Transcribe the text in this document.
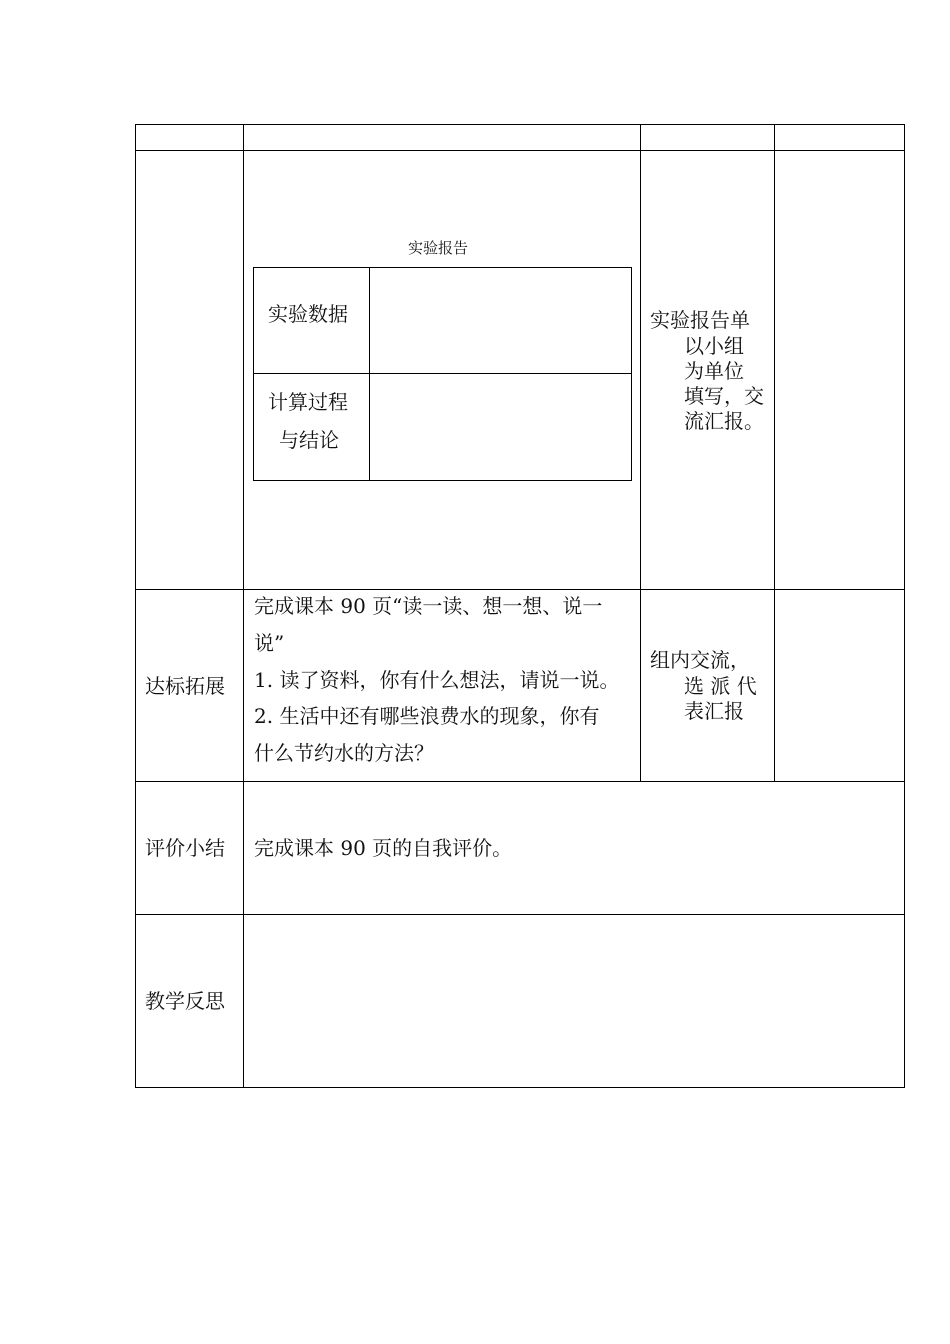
实验报告
实验数据
计算过程
与结论
实验报告单
以小组
为单位
填写，交
流汇报。
达标拓展
完成课本 90 页“读一读、想一想、说一
说”
1. 读了资料，你有什么想法，请说一说。
2. 生活中还有哪些浪费水的现象，你有
什么节约水的方法？
组内交流，
选 派 代
表汇报
评价小结 完成课本 90 页的自我评价。
教学反思
